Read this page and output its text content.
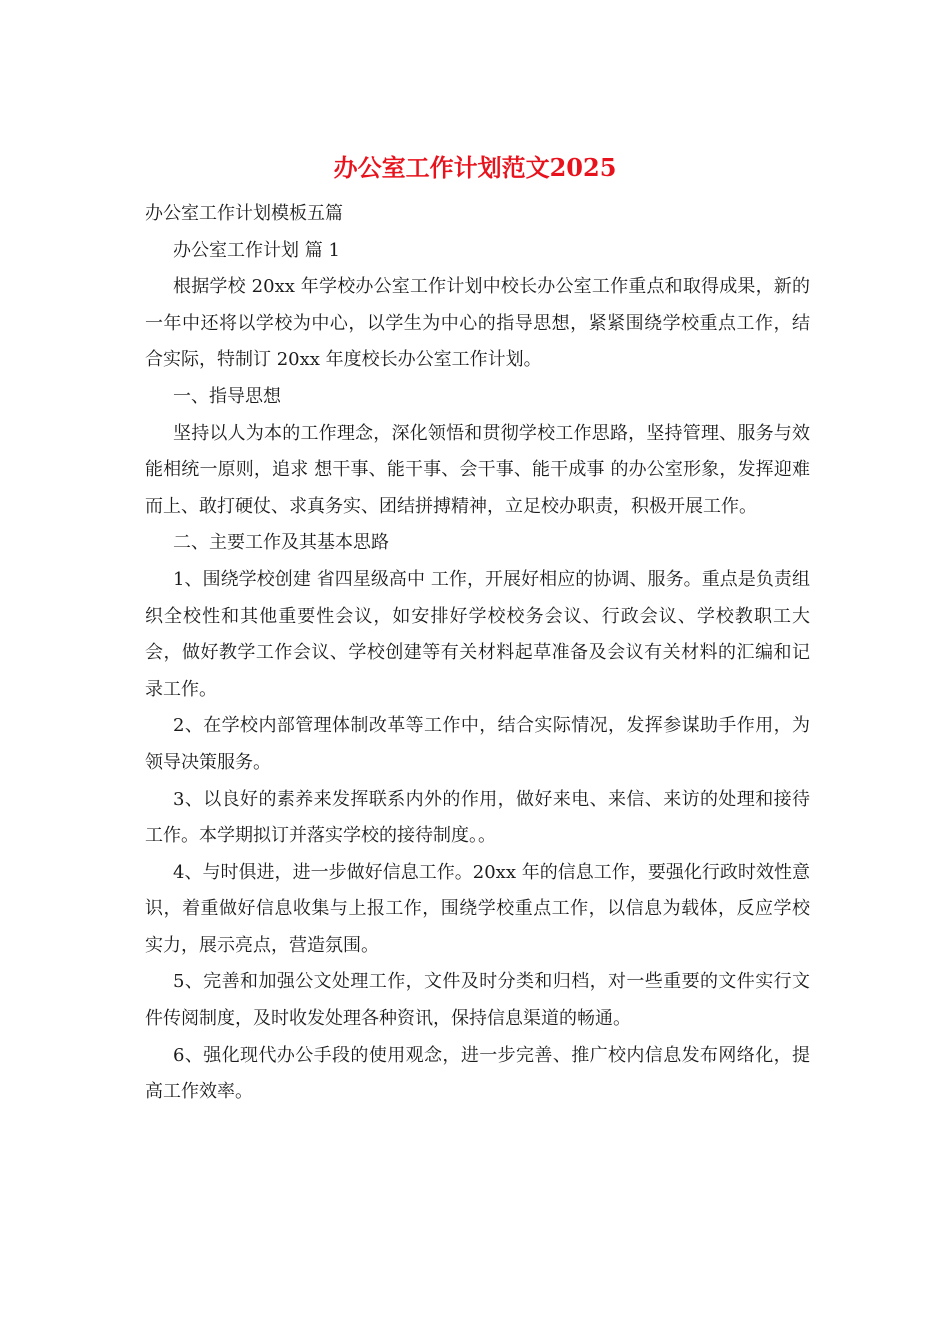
办公室工作计划范文2025

办公室工作计划模板五篇

办公室工作计划 篇 1

根据学校 20xx 年学校办公室工作计划中校长办公室工作重点和取得成果，新的一年中还将以学校为中心，以学生为中心的指导思想，紧紧围绕学校重点工作，结合实际，特制订 20xx 年度校长办公室工作计划。

一、指导思想

坚持以人为本的工作理念，深化领悟和贯彻学校工作思路，坚持管理、服务与效能相统一原则，追求 想干事、能干事、会干事、能干成事 的办公室形象，发挥迎难而上、敢打硬仗、求真务实、团结拼搏精神，立足校办职责，积极开展工作。

二、主要工作及其基本思路

1、围绕学校创建 省四星级高中 工作，开展好相应的协调、服务。重点是负责组织全校性和其他重要性会议，如安排好学校校务会议、行政会议、学校教职工大会，做好教学工作会议、学校创建等有关材料起草准备及会议有关材料的汇编和记录工作。

2、在学校内部管理体制改革等工作中，结合实际情况，发挥参谋助手作用，为领导决策服务。

3、以良好的素养来发挥联系内外的作用，做好来电、来信、来访的处理和接待工作。本学期拟订并落实学校的接待制度。。

4、与时俱进，进一步做好信息工作。20xx 年的信息工作，要强化行政时效性意识，着重做好信息收集与上报工作，围绕学校重点工作，以信息为载体，反应学校实力，展示亮点，营造氛围。

5、完善和加强公文处理工作，文件及时分类和归档，对一些重要的文件实行文件传阅制度，及时收发处理各种资讯，保持信息渠道的畅通。

6、强化现代办公手段的使用观念，进一步完善、推广校内信息发布网络化，提高工作效率。
